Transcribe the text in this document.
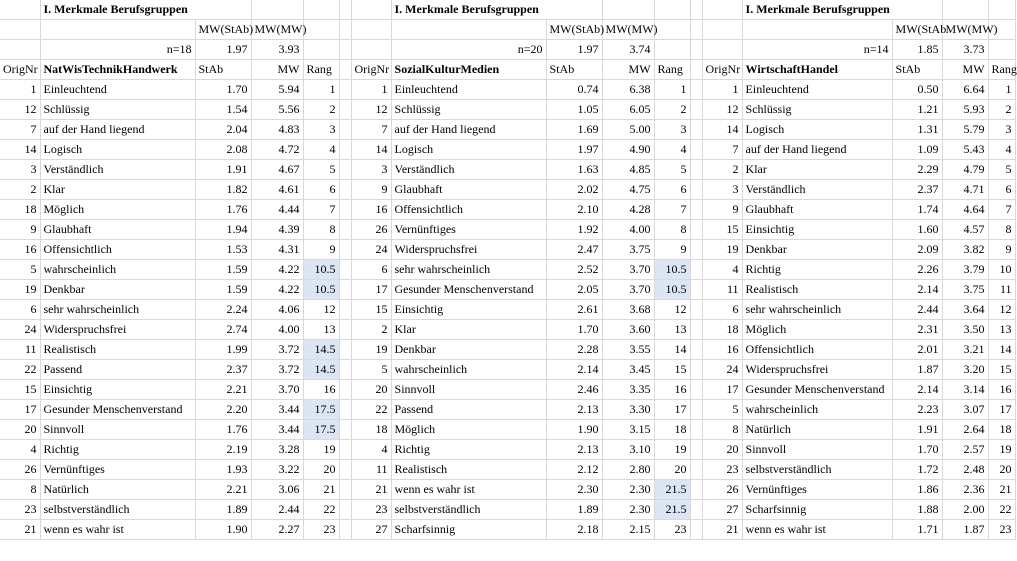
	I. Merkmale Berufsgruppen						I. Merkmale Berufsgruppen						I. Merkmale Berufsgruppen			
		MW(StAb)	MW(MW)					MW(StAb)	MW(MW)					MW(StAb	MW(MW)	
	n=18	1.97	3.93				n=20	1.97	3.74				n=14	1.85	3.73	
OrigNr	NatWisTechnikHandwerk	StAb	MW	Rang		OrigNr	SozialKulturMedien	StAb	MW	Rang		OrigNr	WirtschaftHandel	StAb	MW	Rang
1	Einleuchtend	1.70	5.94	1		1	Einleuchtend	0.74	6.38	1		1	Einleuchtend	0.50	6.64	1
12	Schlüssig	1.54	5.56	2		12	Schlüssig	1.05	6.05	2		12	Schlüssig	1.21	5.93	2
7	auf der Hand liegend	2.04	4.83	3		7	auf der Hand liegend	1.69	5.00	3		14	Logisch	1.31	5.79	3
14	Logisch	2.08	4.72	4		14	Logisch	1.97	4.90	4		7	auf der Hand liegend	1.09	5.43	4
3	Verständlich	1.91	4.67	5		3	Verständlich	1.63	4.85	5		2	Klar	2.29	4.79	5
2	Klar	1.82	4.61	6		9	Glaubhaft	2.02	4.75	6		3	Verständlich	2.37	4.71	6
18	Möglich	1.76	4.44	7		16	Offensichtlich	2.10	4.28	7		9	Glaubhaft	1.74	4.64	7
9	Glaubhaft	1.94	4.39	8		26	Vernünftiges	1.92	4.00	8		15	Einsichtig	1.60	4.57	8
16	Offensichtlich	1.53	4.31	9		24	Widerspruchsfrei	2.47	3.75	9		19	Denkbar	2.09	3.82	9
5	wahrscheinlich	1.59	4.22	10.5		6	sehr wahrscheinlich	2.52	3.70	10.5		4	Richtig	2.26	3.79	10
19	Denkbar	1.59	4.22	10.5		17	Gesunder Menschenverstand	2.05	3.70	10.5		11	Realistisch	2.14	3.75	11
6	sehr wahrscheinlich	2.24	4.06	12		15	Einsichtig	2.61	3.68	12		6	sehr wahrscheinlich	2.44	3.64	12
24	Widerspruchsfrei	2.74	4.00	13		2	Klar	1.70	3.60	13		18	Möglich	2.31	3.50	13
11	Realistisch	1.99	3.72	14.5		19	Denkbar	2.28	3.55	14		16	Offensichtlich	2.01	3.21	14
22	Passend	2.37	3.72	14.5		5	wahrscheinlich	2.14	3.45	15		24	Widerspruchsfrei	1.87	3.20	15
15	Einsichtig	2.21	3.70	16		20	Sinnvoll	2.46	3.35	16		17	Gesunder Menschenverstand	2.14	3.14	16
17	Gesunder Menschenverstand	2.20	3.44	17.5		22	Passend	2.13	3.30	17		5	wahrscheinlich	2.23	3.07	17
20	Sinnvoll	1.76	3.44	17.5		18	Möglich	1.90	3.15	18		8	Natürlich	1.91	2.64	18
4	Richtig	2.19	3.28	19		4	Richtig	2.13	3.10	19		20	Sinnvoll	1.70	2.57	19
26	Vernünftiges	1.93	3.22	20		11	Realistisch	2.12	2.80	20		23	selbstverständlich	1.72	2.48	20
8	Natürlich	2.21	3.06	21		21	wenn es wahr ist	2.30	2.30	21.5		26	Vernünftiges	1.86	2.36	21
23	selbstverständlich	1.89	2.44	22		23	selbstverständlich	1.89	2.30	21.5		27	Scharfsinnig	1.88	2.00	22
21	wenn es wahr ist	1.90	2.27	23		27	Scharfsinnig	2.18	2.15	23		21	wenn es wahr ist	1.71	1.87	23
